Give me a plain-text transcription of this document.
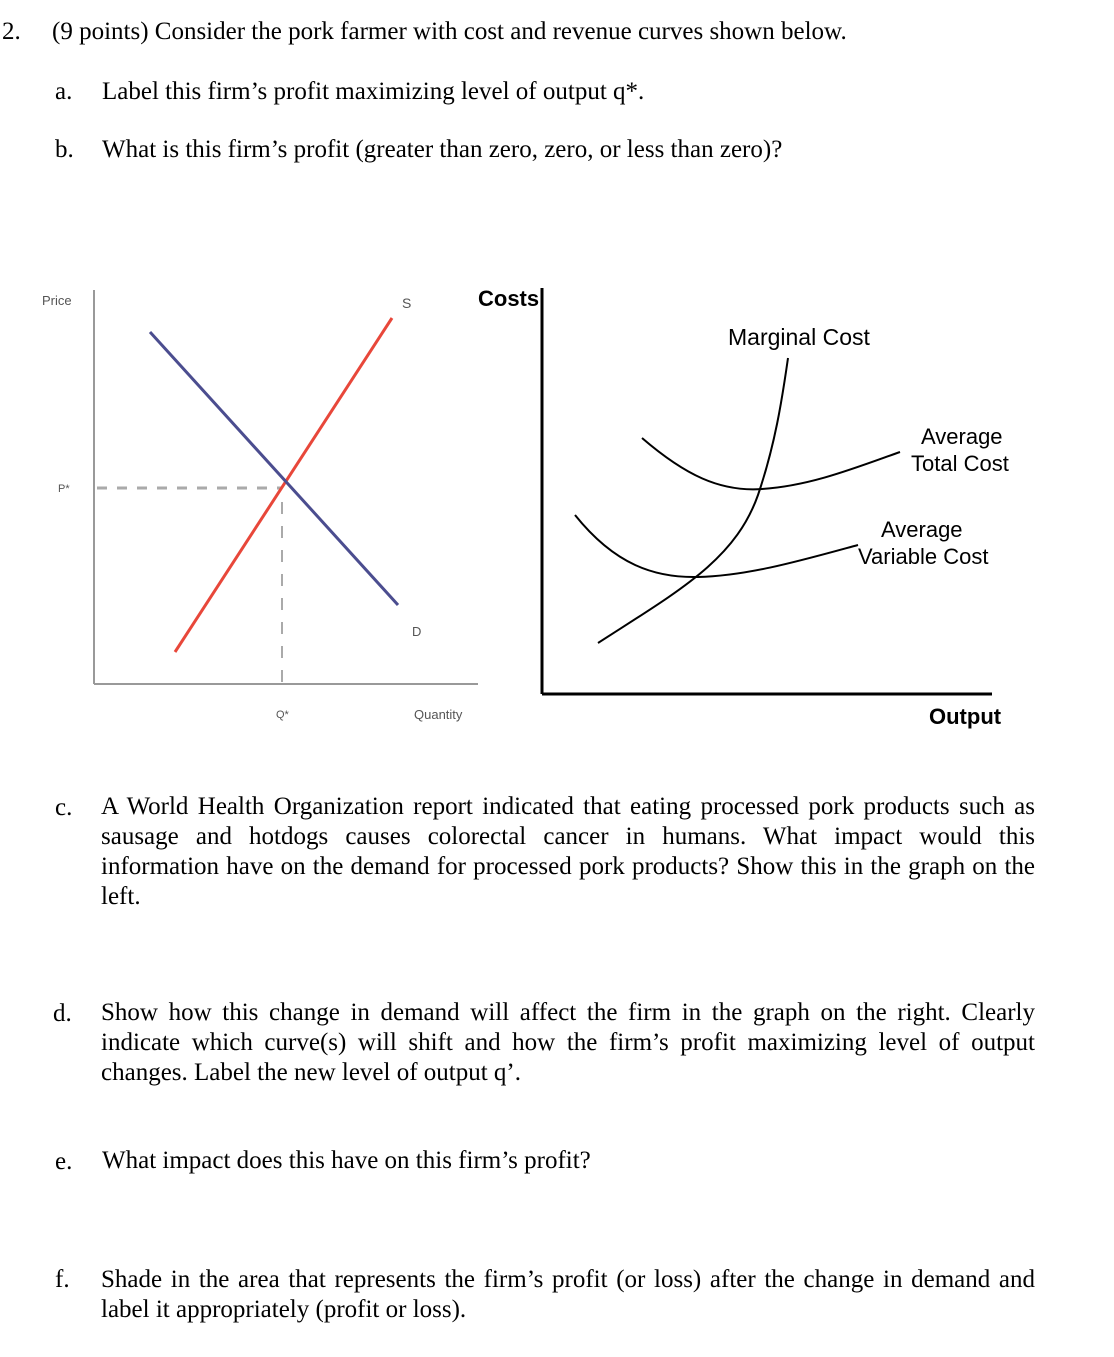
2. (9 points) Consider the pork farmer with cost and revenue curves shown below.
a. Label this firm’s profit maximizing level of output q*.
b. What is this firm’s profit (greater than zero, zero, or less than zero)?
Price
P*
S
D
Q*	Quantity
Costs
Marginal Cost
Average
Total Cost
Average
Variable Cost
Output
c. A World Health Organization report indicated that eating processed pork products such as
sausage and hotdogs causes colorectal cancer in humans. What impact would this
information have on the demand for processed pork products? Show this in the graph on the
left.
d. Show how this change in demand will affect the firm in the graph on the right. Clearly
indicate which curve(s) will shift and how the firm’s profit maximizing level of output
changes. Label the new level of output q’.
e. What impact does this have on this firm’s profit?
f. Shade in the area that represents the firm’s profit (or loss) after the change in demand and
label it appropriately (profit or loss).
